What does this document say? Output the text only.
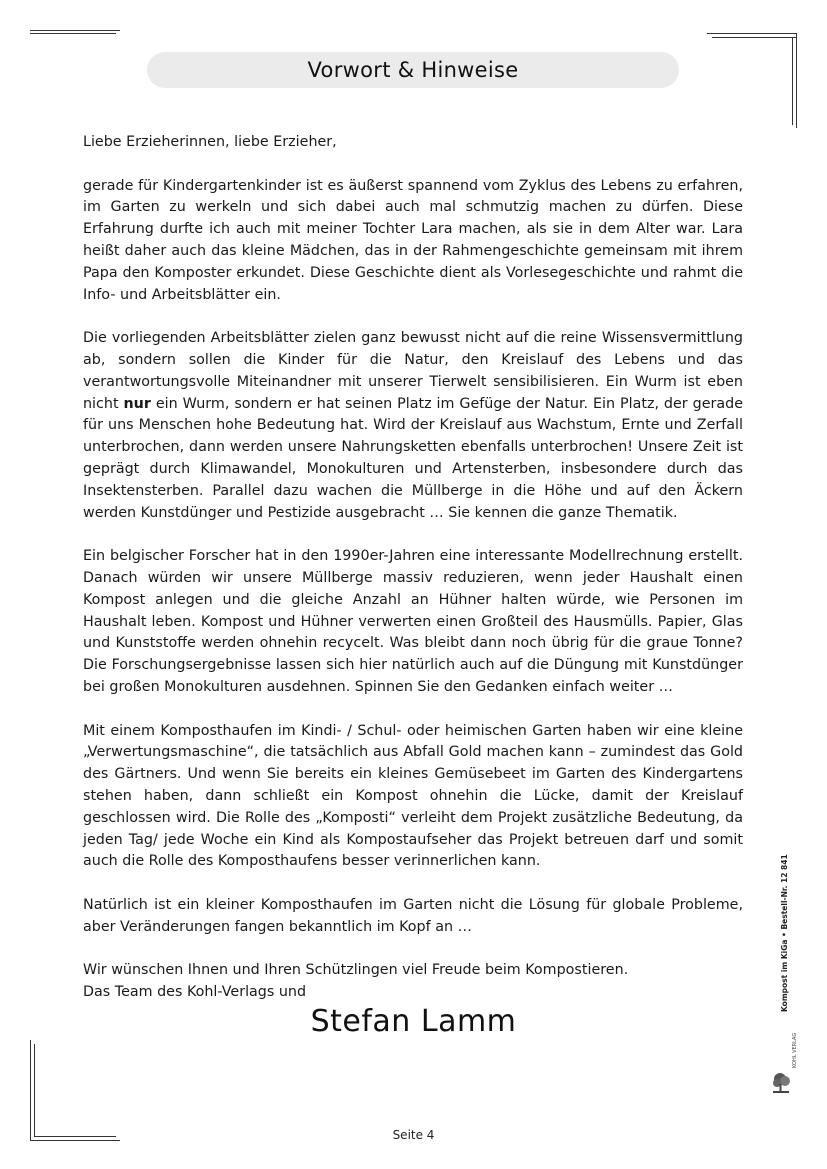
Vorwort & Hinweise

Liebe Erzieherinnen, liebe Erzieher,

gerade für Kindergartenkinder ist es äußerst spannend vom Zyklus des Lebens zu erfahren, im Garten zu werkeln und sich dabei auch mal schmutzig machen zu dürfen. Diese Erfahrung durfte ich auch mit meiner Tochter Lara machen, als sie in dem Alter war. Lara heißt daher auch das kleine Mädchen, das in der Rahmengeschichte gemeinsam mit ihrem Papa den Komposter erkundet. Diese Geschichte dient als Vorlesegeschichte und rahmt die Info- und Arbeitsblätter ein.

Die vorliegenden Arbeitsblätter zielen ganz bewusst nicht auf die reine Wissensvermittlung ab, sondern sollen die Kinder für die Natur, den Kreislauf des Lebens und das verantwortungsvolle Miteinandner mit unserer Tierwelt sensibilisieren. Ein Wurm ist eben nicht nur ein Wurm, sondern er hat seinen Platz im Gefüge der Natur. Ein Platz, der gerade für uns Menschen hohe Bedeutung hat. Wird der Kreislauf aus Wachstum, Ernte und Zerfall unterbrochen, dann werden unsere Nahrungsketten ebenfalls unterbrochen! Unsere Zeit ist geprägt durch Klimawandel, Monokulturen und Artensterben, insbesondere durch das Insektensterben. Parallel dazu wachen die Müllberge in die Höhe und auf den Äckern werden Kunstdünger und Pestizide ausgebracht … Sie kennen die ganze Thematik.

Ein belgischer Forscher hat in den 1990er-Jahren eine interessante Modellrechnung erstellt. Danach würden wir unsere Müllberge massiv reduzieren, wenn jeder Haushalt einen Kompost anlegen und die gleiche Anzahl an Hühner halten würde, wie Personen im Haushalt leben. Kompost und Hühner verwerten einen Großteil des Hausmülls. Papier, Glas und Kunststoffe werden ohnehin recycelt. Was bleibt dann noch übrig für die graue Tonne? Die Forschungsergebnisse lassen sich hier natürlich auch auf die Düngung mit Kunstdünger bei großen Monokulturen ausdehnen. Spinnen Sie den Gedanken einfach weiter …

Mit einem Komposthaufen im Kindi- / Schul- oder heimischen Garten haben wir eine kleine „Verwertungsmaschine“, die tatsächlich aus Abfall Gold machen kann – zumindest das Gold des Gärtners. Und wenn Sie bereits ein kleines Gemüsebeet im Garten des Kindergartens stehen haben, dann schließt ein Kompost ohnehin die Lücke, damit der Kreislauf geschlossen wird. Die Rolle des „Komposti“ verleiht dem Projekt zusätzliche Bedeutung, da jeden Tag/ jede Woche ein Kind als Kompostaufseher das Projekt betreuen darf und somit auch die Rolle des Komposthaufens besser verinnerlichen kann.

Natürlich ist ein kleiner Komposthaufen im Garten nicht die Lösung für globale Probleme, aber Veränderungen fangen bekanntlich im Kopf an …

Wir wünschen Ihnen und Ihren Schützlingen viel Freude beim Kompostieren.

Das Team des Kohl-Verlags und

Stefan Lamm
Kompost im KiGa • Bestell-Nr. 12 841
KOHL VERLAG
Seite 4
